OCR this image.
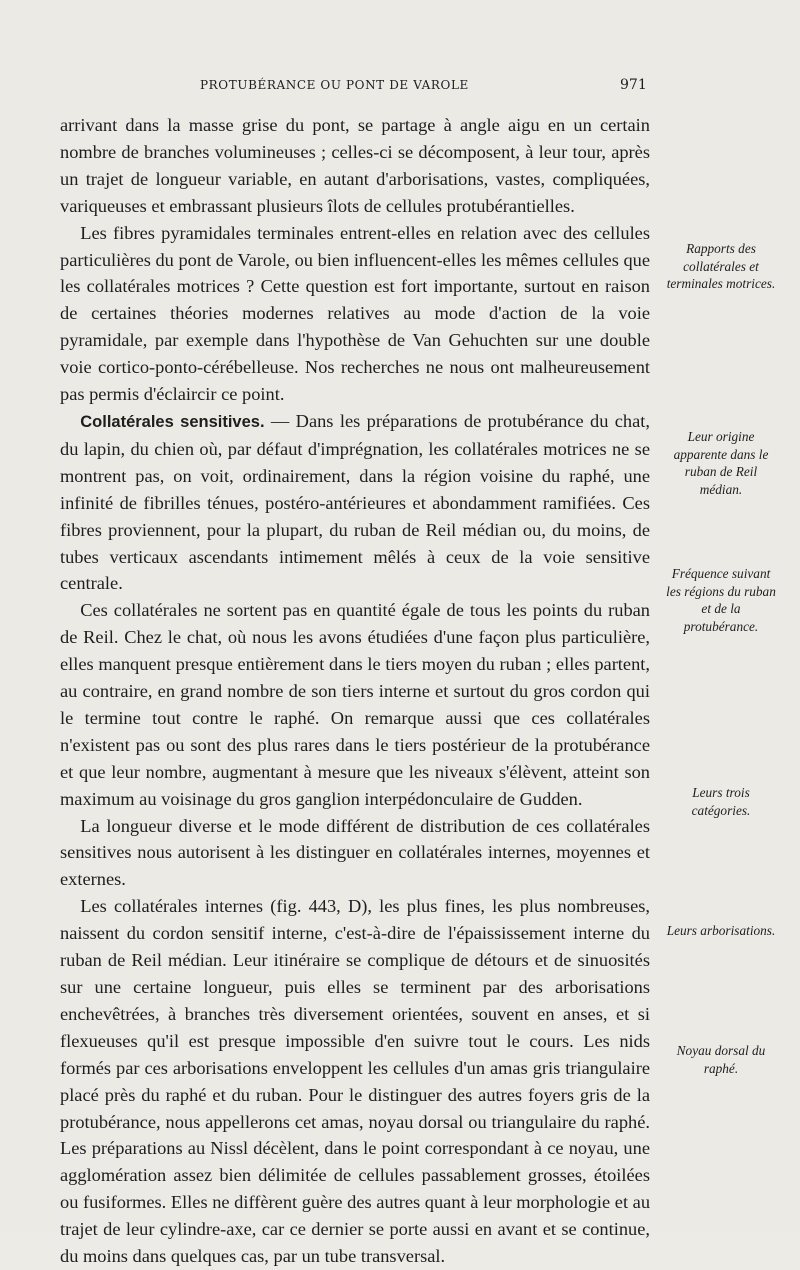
PROTUBÉRANCE OU PONT DE VAROLE	971

arrivant dans la masse grise du pont, se partage à angle aigu en un certain nombre de branches volumineuses ; celles-ci se décomposent, à leur tour, après un trajet de longueur variable, en autant d'arborisations, vastes, compliquées, variqueuses et embrassant plusieurs îlots de cellules protubérantielles.

Les fibres pyramidales terminales entrent-elles en relation avec des cellules particulières du pont de Varole, ou bien influencent-elles les mêmes cellules que les collatérales motrices ? Cette question est fort importante, surtout en raison de certaines théories modernes relatives au mode d'action de la voie pyramidale, par exemple dans l'hypothèse de Van Gehuchten sur une double voie cortico-ponto-cérébelleuse. Nos recherches ne nous ont malheureusement pas permis d'éclaircir ce point.

Collatérales sensitives. — Dans les préparations de protubérance du chat, du lapin, du chien où, par défaut d'imprégnation, les collatérales motrices ne se montrent pas, on voit, ordinairement, dans la région voisine du raphé, une infinité de fibrilles ténues, postéro-antérieures et abondamment ramifiées. Ces fibres proviennent, pour la plupart, du ruban de Reil médian ou, du moins, de tubes verticaux ascendants intimement mêlés à ceux de la voie sensitive centrale.

Ces collatérales ne sortent pas en quantité égale de tous les points du ruban de Reil. Chez le chat, où nous les avons étudiées d'une façon plus particulière, elles manquent presque entièrement dans le tiers moyen du ruban ; elles partent, au contraire, en grand nombre de son tiers interne et surtout du gros cordon qui le termine tout contre le raphé. On remarque aussi que ces collatérales n'existent pas ou sont des plus rares dans le tiers postérieur de la protubérance et que leur nombre, augmentant à mesure que les niveaux s'élèvent, atteint son maximum au voisinage du gros ganglion interpédonculaire de Gudden.

La longueur diverse et le mode différent de distribution de ces collatérales sensitives nous autorisent à les distinguer en collatérales internes, moyennes et externes.

Les collatérales internes (fig. 443, D), les plus fines, les plus nombreuses, naissent du cordon sensitif interne, c'est-à-dire de l'épaississement interne du ruban de Reil médian. Leur itinéraire se complique de détours et de sinuosités sur une certaine longueur, puis elles se terminent par des arborisations enchevêtrées, à branches très diversement orientées, souvent en anses, et si flexueuses qu'il est presque impossible d'en suivre tout le cours. Les nids formés par ces arborisations enveloppent les cellules d'un amas gris triangulaire placé près du raphé et du ruban. Pour le distinguer des autres foyers gris de la protubérance, nous appellerons cet amas, noyau dorsal ou triangulaire du raphé. Les préparations au Nissl décèlent, dans le point correspondant à ce noyau, une agglomération assez bien délimitée de cellules passablement grosses, étoilées ou fusiformes. Elles ne diffèrent guère des autres quant à leur morphologie et au trajet de leur cylindre-axe, car ce dernier se porte aussi en avant et se continue, du moins dans quelques cas, par un tube transversal.

Rapports des collatérales et terminales motrices.
Leur origine apparente dans le ruban de Reil médian.
Fréquence suivant les régions du ruban et de la protubérance.
Leurs trois catégories.
Leurs arborisations.
Noyau dorsal du raphé.
